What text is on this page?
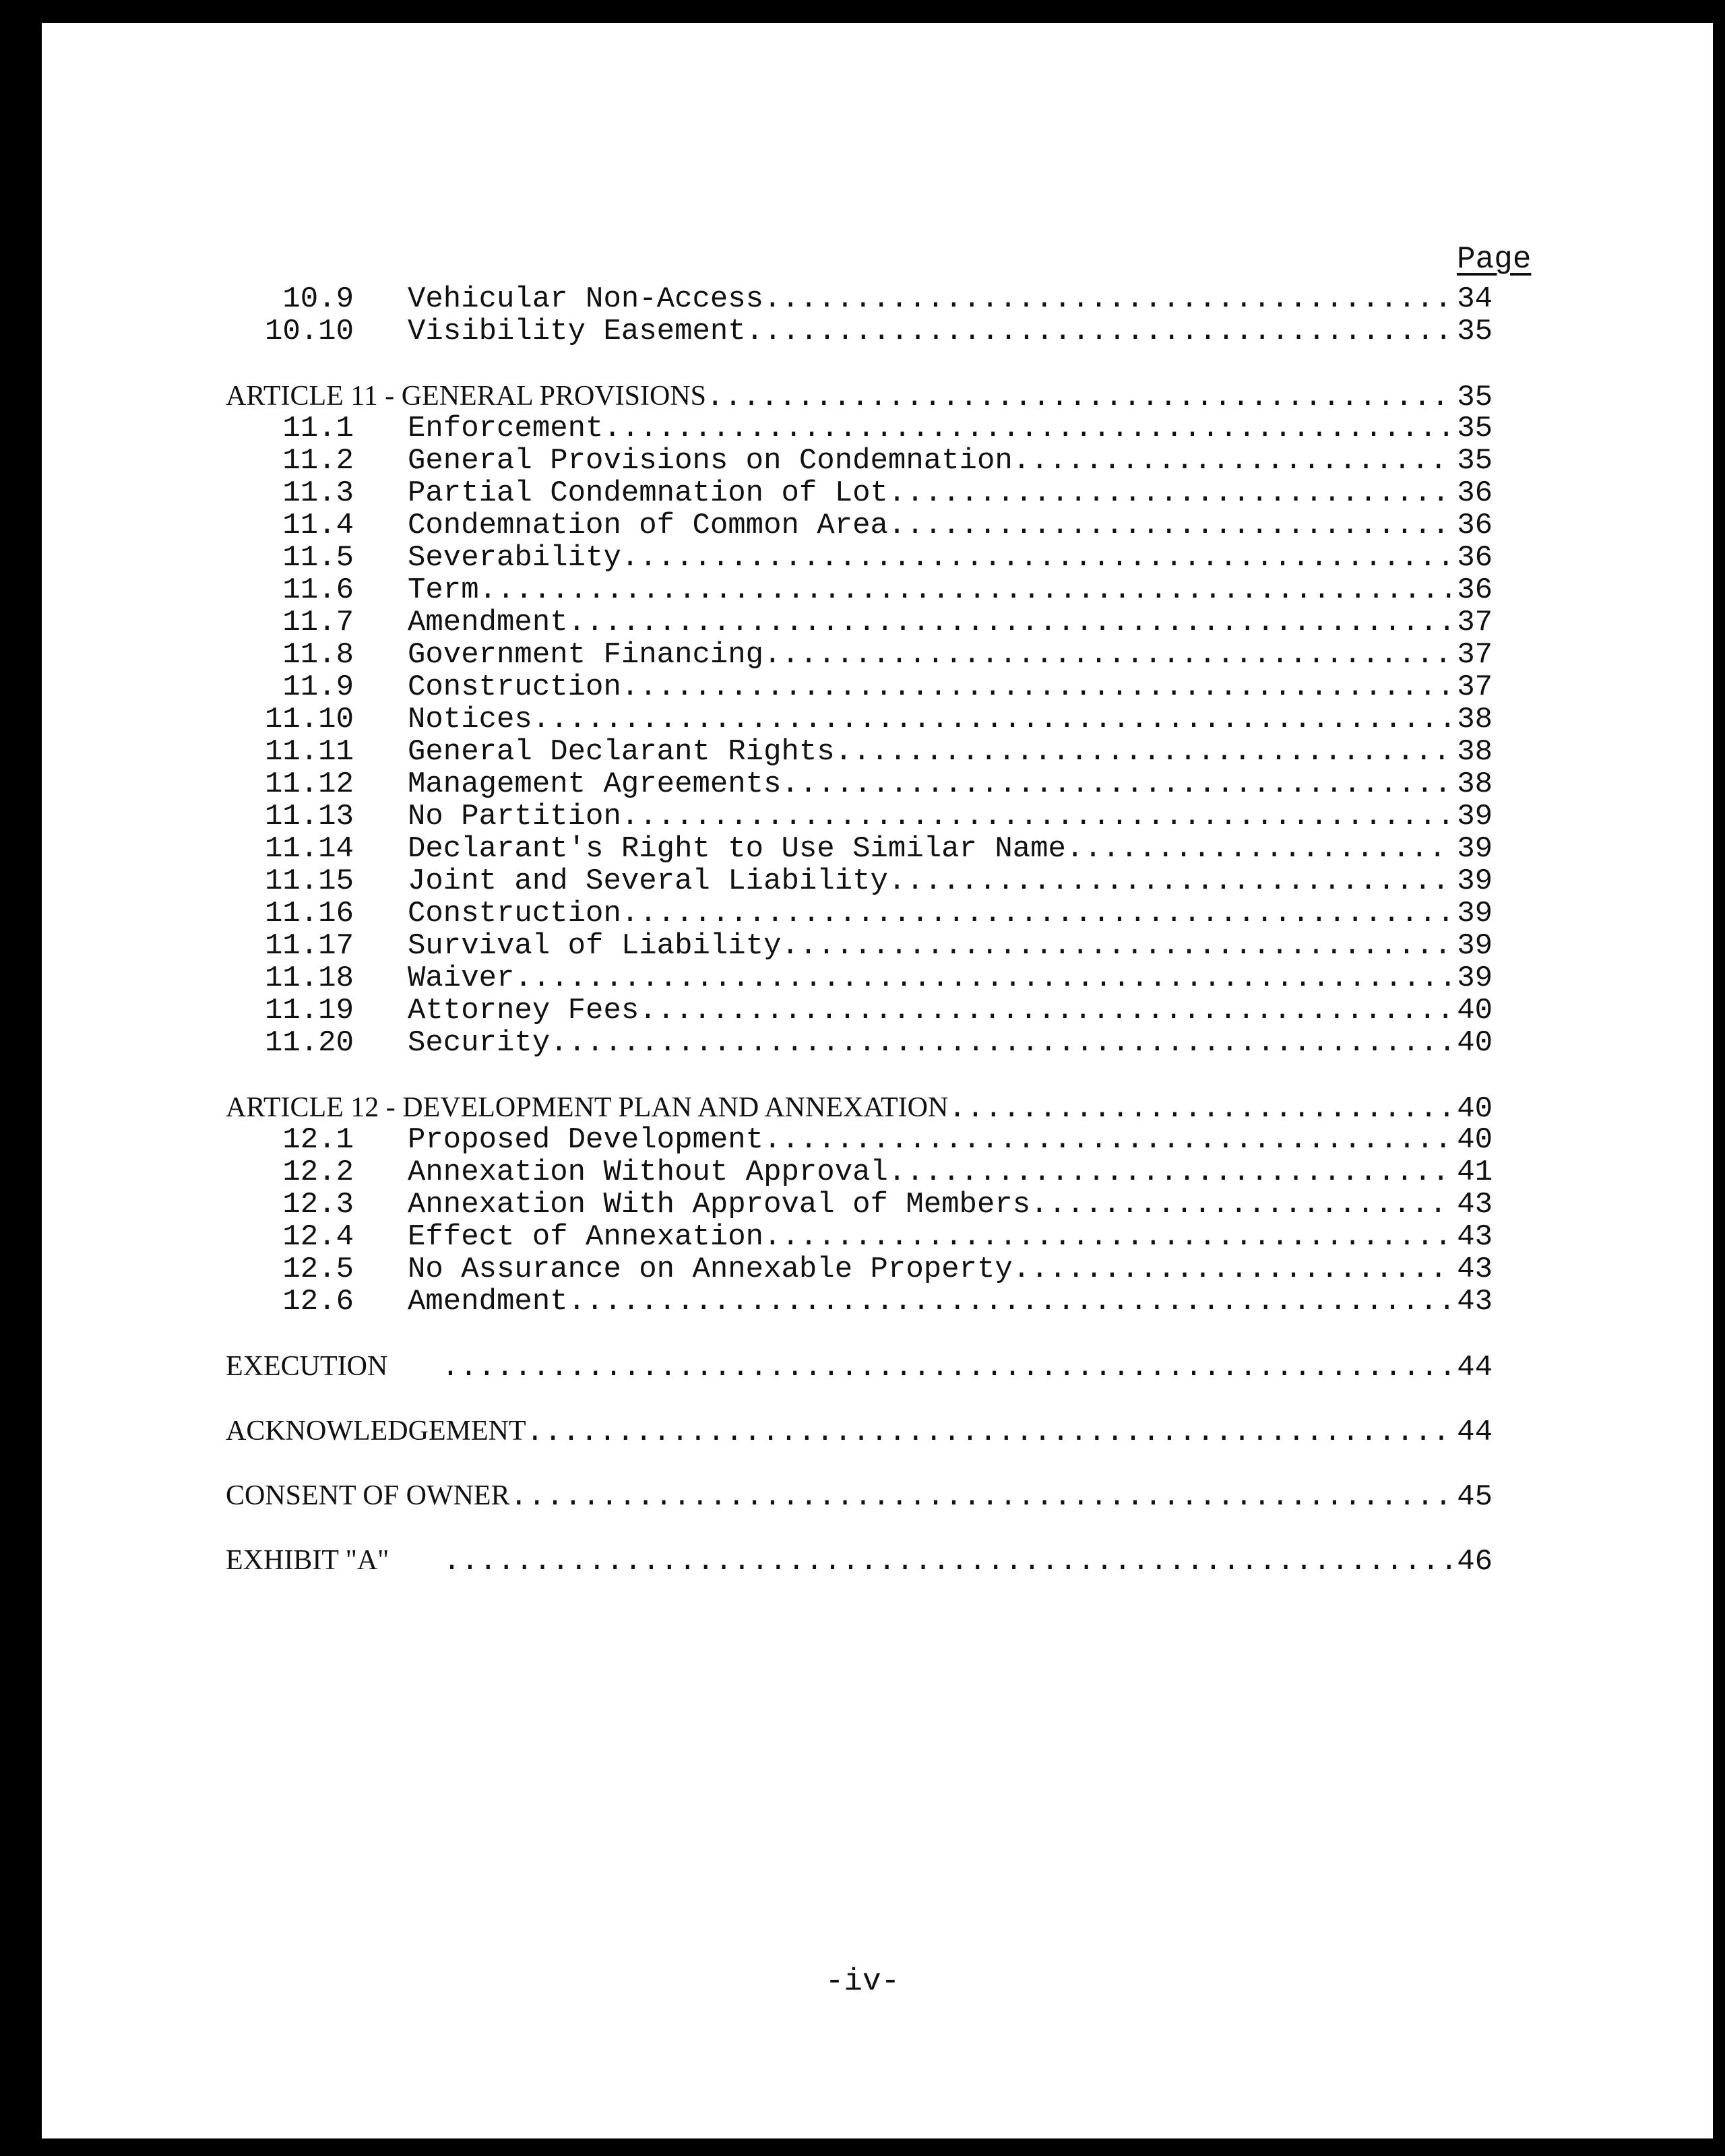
Page
10.9	Vehicular Non-Access .....	34
10.10	Visibility Easement .....	35
ARTICLE 11 - GENERAL PROVISIONS .....	35
11.1	Enforcement .....	35
11.2	General Provisions on Condemnation .....	35
11.3	Partial Condemnation of Lot .....	36
11.4	Condemnation of Common Area .....	36
11.5	Severability .....	36
11.6	Term .....	36
11.7	Amendment .....	37
11.8	Government Financing .....	37
11.9	Construction .....	37
11.10	Notices .....	38
11.11	General Declarant Rights .....	38
11.12	Management Agreements .....	38
11.13	No Partition .....	39
11.14	Declarant's Right to Use Similar Name .....	39
11.15	Joint and Several Liability .....	39
11.16	Construction .....	39
11.17	Survival of Liability .....	39
11.18	Waiver .....	39
11.19	Attorney Fees .....	40
11.20	Security .....	40
ARTICLE 12 - DEVELOPMENT PLAN AND ANNEXATION .....	40
12.1	Proposed Development .....	40
12.2	Annexation Without Approval .....	41
12.3	Annexation With Approval of Members .....	43
12.4	Effect of Annexation .....	43
12.5	No Assurance on Annexable Property .....	43
12.6	Amendment .....	43
EXECUTION .....	44
ACKNOWLEDGEMENT .....	44
CONSENT OF OWNER .....	45
EXHIBIT "A" .....	46
-iv-
